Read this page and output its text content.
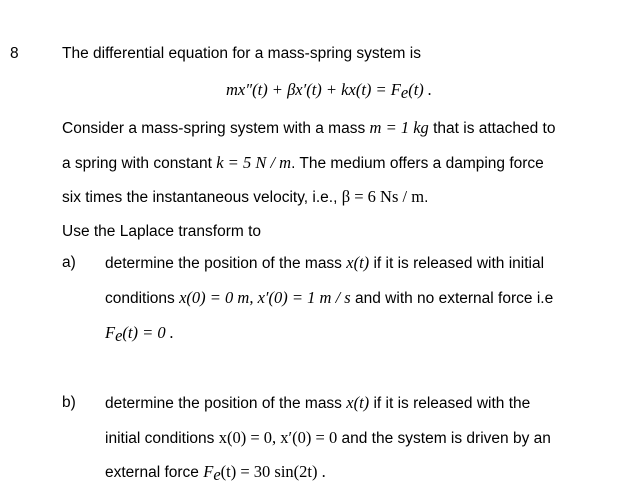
8	The differential equation for a mass-spring system is
$mx''(t) + \beta x'(t) + kx(t) = F_e(t)$ .
Consider a mass-spring system with a mass m = 1 kg that is attached to
a spring with constant k = 5 N / m. The medium offers a damping force
six times the instantaneous velocity, i.e., β = 6 Ns / m.
Use the Laplace transform to
a) determine the position of the mass x(t) if it is released with initial
conditions x(0) = 0 m, x′(0) = 1 m / s and with no external force i.e
$F_e(t) = 0$ .
b) determine the position of the mass x(t) if it is released with the
initial conditions x(0) = 0, x′(0) = 0 and the system is driven by an
external force $F_e(t) = 30$ sin(2t) .
